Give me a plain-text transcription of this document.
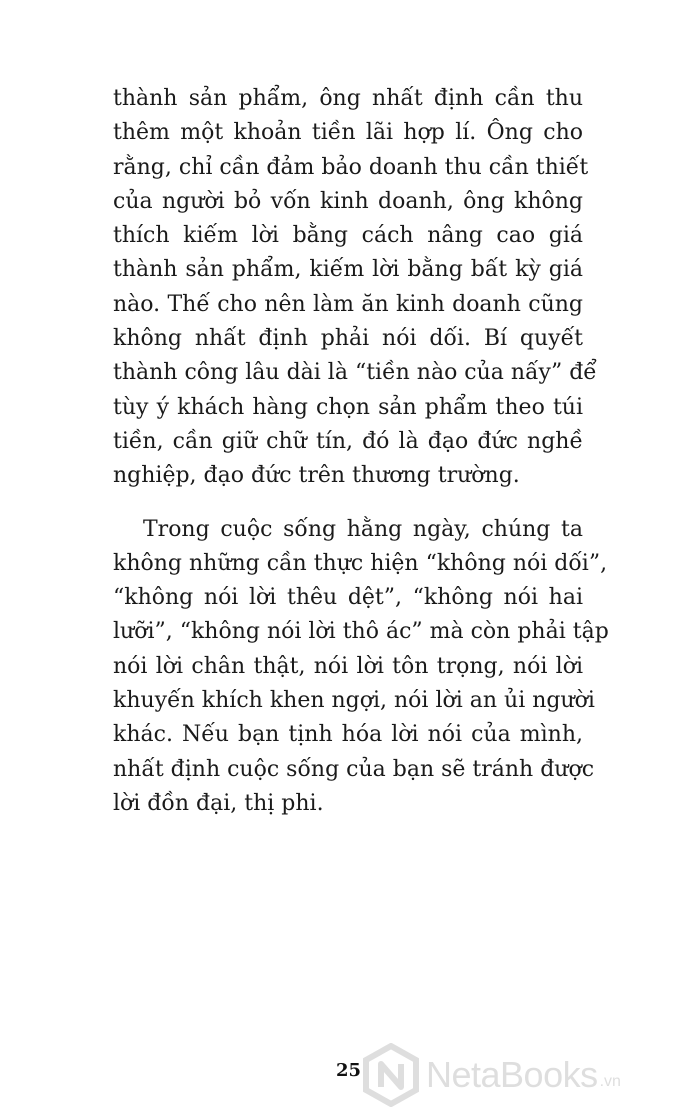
thành sản phẩm, ông nhất định cần thu
thêm một khoản tiền lãi hợp lí. Ông cho
rằng, chỉ cần đảm bảo doanh thu cần thiết
của người bỏ vốn kinh doanh, ông không
thích kiếm lời bằng cách nâng cao giá
thành sản phẩm, kiếm lời bằng bất kỳ giá
nào. Thế cho nên làm ăn kinh doanh cũng
không nhất định phải nói dối. Bí quyết
thành công lâu dài là “tiền nào của nấy” để
tùy ý khách hàng chọn sản phẩm theo túi
tiền, cần giữ chữ tín, đó là đạo đức nghề
nghiệp, đạo đức trên thương trường.

Trong cuộc sống hằng ngày, chúng ta
không những cần thực hiện “không nói dối”,
“không nói lời thêu dệt”, “không nói hai
lưỡi”, “không nói lời thô ác” mà còn phải tập
nói lời chân thật, nói lời tôn trọng, nói lời
khuyến khích khen ngợi, nói lời an ủi người
khác. Nếu bạn tịnh hóa lời nói của mình,
nhất định cuộc sống của bạn sẽ tránh được
lời đồn đại, thị phi.

25 NetaBooks .vn
